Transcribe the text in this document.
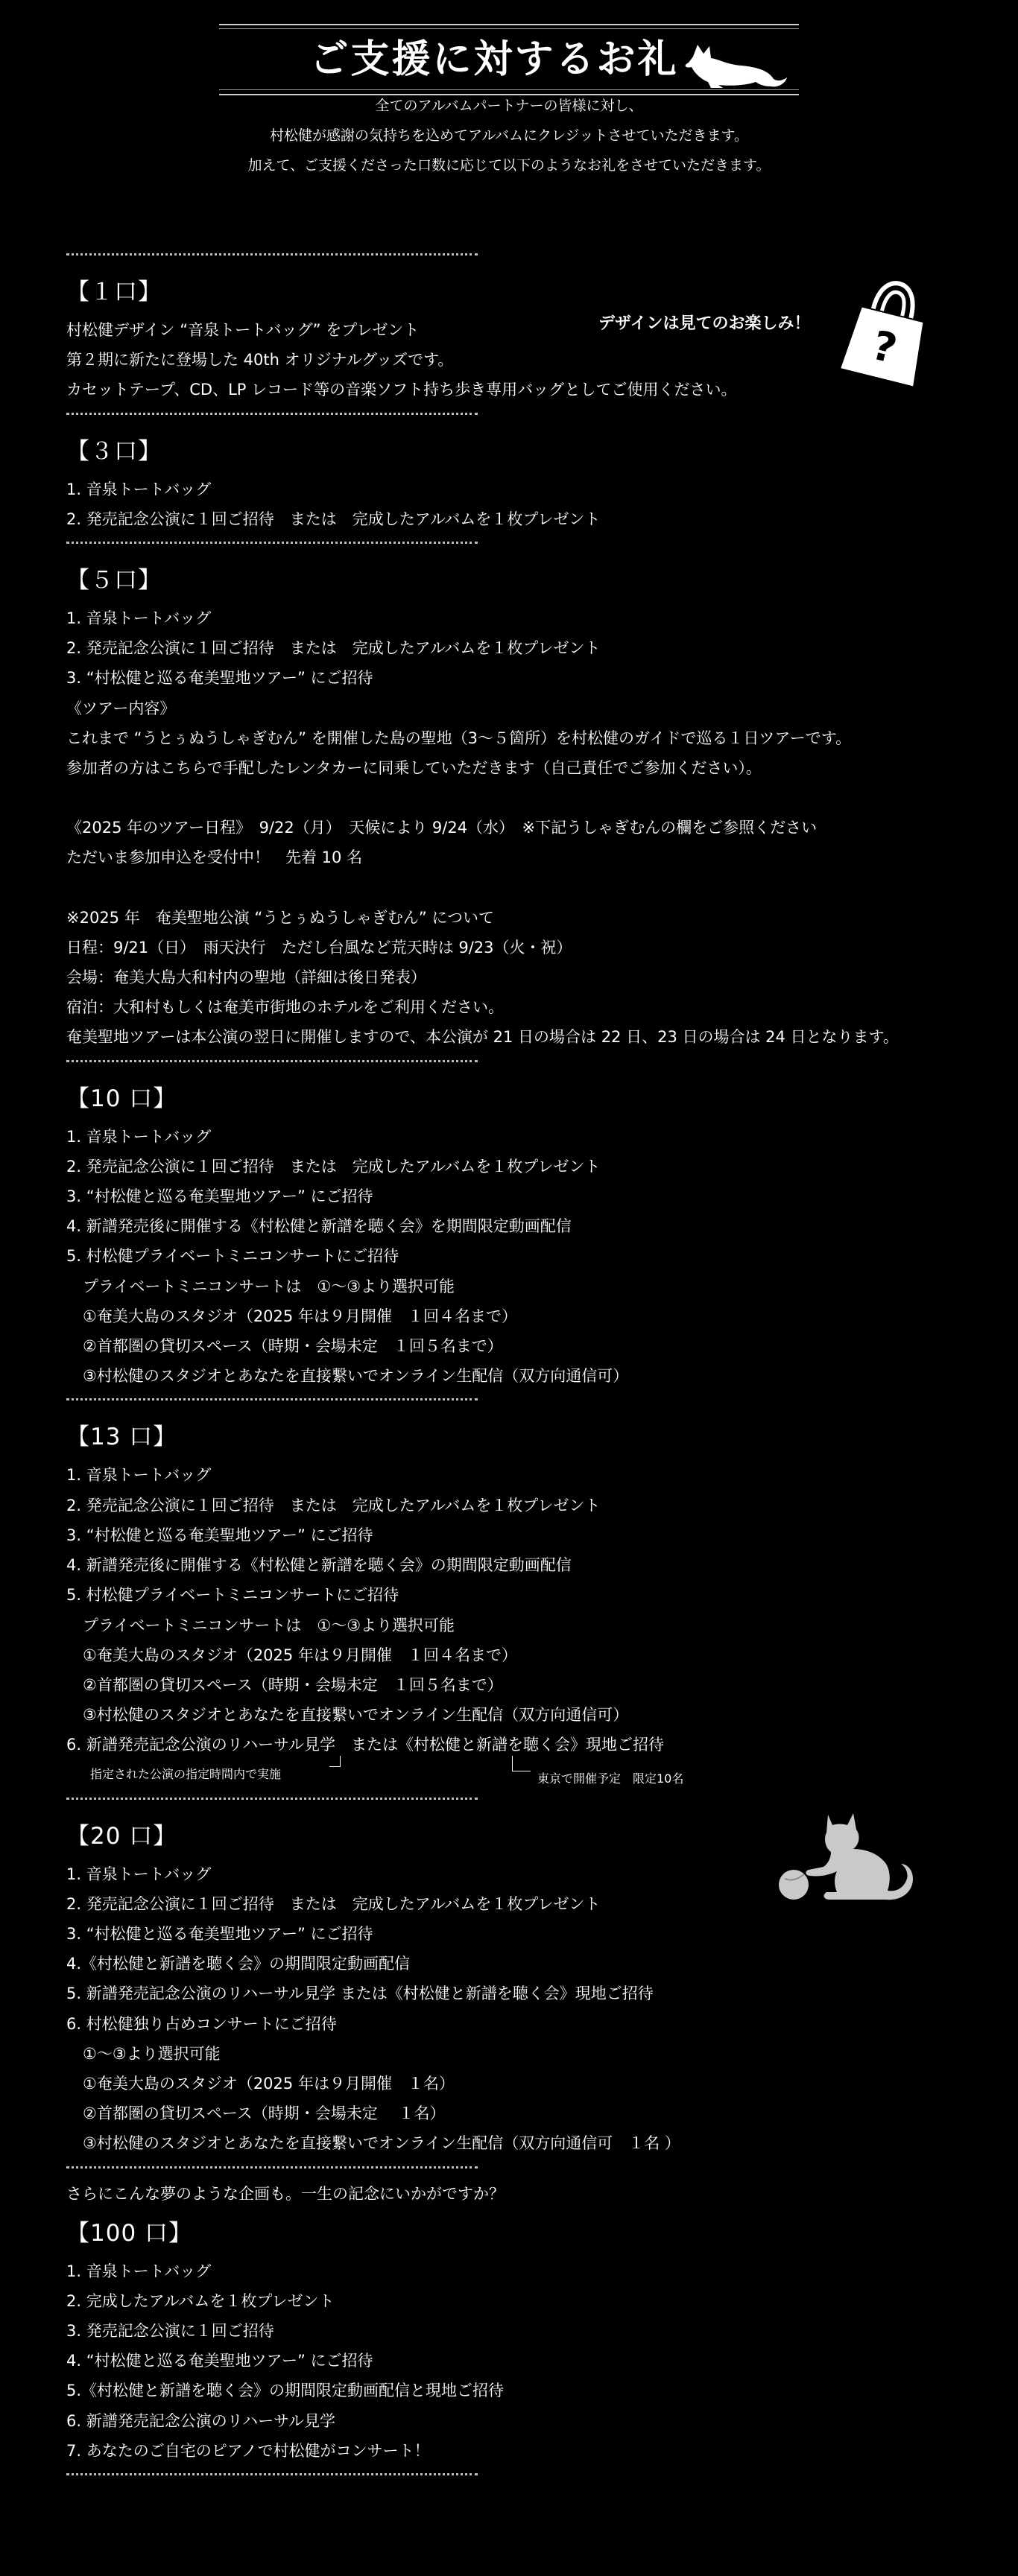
ご支援に対するお礼

全てのアルバムパートナーの皆様に対し、

村松健が感謝の気持ちを込めてアルバムにクレジットさせていただきます。

加えて、ご支援くださった口数に応じて以下のようなお礼をさせていただきます。

【１口】
村松健デザイン “音泉トートバッグ” をプレゼント
第２期に新たに登場した 40th オリジナルグッズです。
カセットテープ、CD、LP レコード等の音楽ソフト持ち歩き専用バッグとしてご使用ください。
デザインは見てのお楽しみ！ ?
【３口】
1. 音泉トートバッグ
2. 発売記念公演に１回ご招待　または　完成したアルバムを１枚プレゼント
【５口】
1. 音泉トートバッグ
2. 発売記念公演に１回ご招待　または　完成したアルバムを１枚プレゼント
3. “村松健と巡る奄美聖地ツアー” にご招待
《ツアー内容》
これまで “うとぅぬうしゃぎむん” を開催した島の聖地（3〜５箇所）を村松健のガイドで巡る１日ツアーです。
参加者の方はこちらで手配したレンタカーに同乗していただきます（自己責任でご参加ください）。
《2025 年のツアー日程》　9/22（月）　天候により 9/24（水）　※下記うしゃぎむんの欄をご参照ください
ただいま参加申込を受付中！　先着 10 名
※2025 年　奄美聖地公演 “うとぅぬうしゃぎむん” について
日程：9/21（日）　雨天決行　ただし台風など荒天時は 9/23（火・祝）
会場：奄美大島大和村内の聖地（詳細は後日発表）
宿泊：大和村もしくは奄美市街地のホテルをご利用ください。
奄美聖地ツアーは本公演の翌日に開催しますので、本公演が 21 日の場合は 22 日、23 日の場合は 24 日となります。
【10 口】
1. 音泉トートバッグ
2. 発売記念公演に１回ご招待　または　完成したアルバムを１枚プレゼント
3. “村松健と巡る奄美聖地ツアー” にご招待
4. 新譜発売後に開催する《村松健と新譜を聴く会》を期間限定動画配信
5. 村松健プライベートミニコンサートにご招待
プライベートミニコンサートは　①〜③より選択可能
①奄美大島のスタジオ（2025 年は９月開催　１回４名まで）
②首都圏の貸切スペース（時期・会場未定　１回５名まで）
③村松健のスタジオとあなたを直接繋いでオンライン生配信（双方向通信可）
【13 口】
1. 音泉トートバッグ
2. 発売記念公演に１回ご招待　または　完成したアルバムを１枚プレゼント
3. “村松健と巡る奄美聖地ツアー” にご招待
4. 新譜発売後に開催する《村松健と新譜を聴く会》の期間限定動画配信
5. 村松健プライベートミニコンサートにご招待
プライベートミニコンサートは　①〜③より選択可能
①奄美大島のスタジオ（2025 年は９月開催　１回４名まで）
②首都圏の貸切スペース（時期・会場未定　１回５名まで）
③村松健のスタジオとあなたを直接繋いでオンライン生配信（双方向通信可）
6. 新譜発売記念公演のリハーサル見学　または《村松健と新譜を聴く会》現地ご招待
指定された公演の指定時間内で実施	東京で開催予定　限定10名
【20 口】
1. 音泉トートバッグ
2. 発売記念公演に１回ご招待　または　完成したアルバムを１枚プレゼント
3. “村松健と巡る奄美聖地ツアー” にご招待
4.《村松健と新譜を聴く会》の期間限定動画配信
5. 新譜発売記念公演のリハーサル見学 または《村松健と新譜を聴く会》現地ご招待
6. 村松健独り占めコンサートにご招待
①〜③より選択可能
①奄美大島のスタジオ（2025 年は９月開催　１名）
②首都圏の貸切スペース（時期・会場未定　 １名）
③村松健のスタジオとあなたを直接繋いでオンライン生配信（双方向通信可　１名 ）
さらにこんな夢のような企画も。一生の記念にいかがですか？
【100 口】
1. 音泉トートバッグ
2. 完成したアルバムを１枚プレゼント
3. 発売記念公演に１回ご招待
4. “村松健と巡る奄美聖地ツアー” にご招待
5.《村松健と新譜を聴く会》の期間限定動画配信と現地ご招待
6. 新譜発売記念公演のリハーサル見学
7. あなたのご自宅のピアノで村松健がコンサート！
